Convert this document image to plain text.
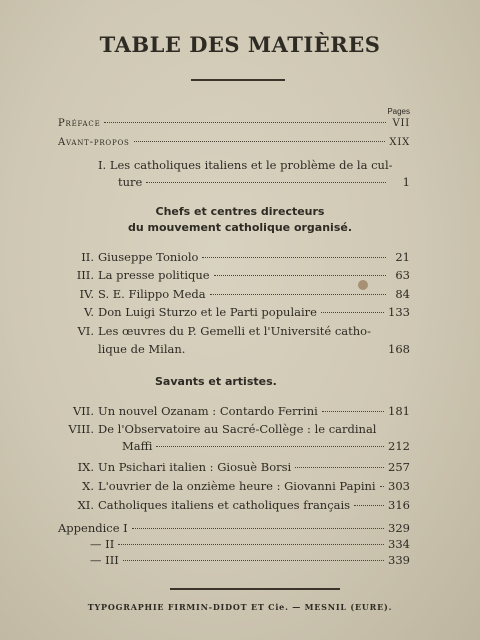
TABLE DES MATIÈRES
Pages
Préface	VII
Avant-propos	XIX
I. Les catholiques italiens et le problème de la cul-
ture	1
Chefs et centres directeurs
du mouvement catholique organisé.
II. Giuseppe Toniolo	21
III. La presse politique	63
IV. S. E. Filippo Meda	84
V. Don Luigi Sturzo et le Parti populaire	133
VI. Les œuvres du P. Gemelli et l'Université catho-
lique de Milan.	168
Savants et artistes.
VII. Un nouvel Ozanam : Contardo Ferrini	181
VIII. De l'Observatoire au Sacré-Collège : le cardinal
Maffi	212
IX. Un Psichari italien : Giosuè Borsi	257
X. L'ouvrier de la onzième heure : Giovanni Papini 303
XI. Catholiques italiens et catholiques français	316
Appendice I	329
— II	334
— III	339
TYPOGRAPHIE FIRMIN-DIDOT ET Cie. — MESNIL (EURE).
